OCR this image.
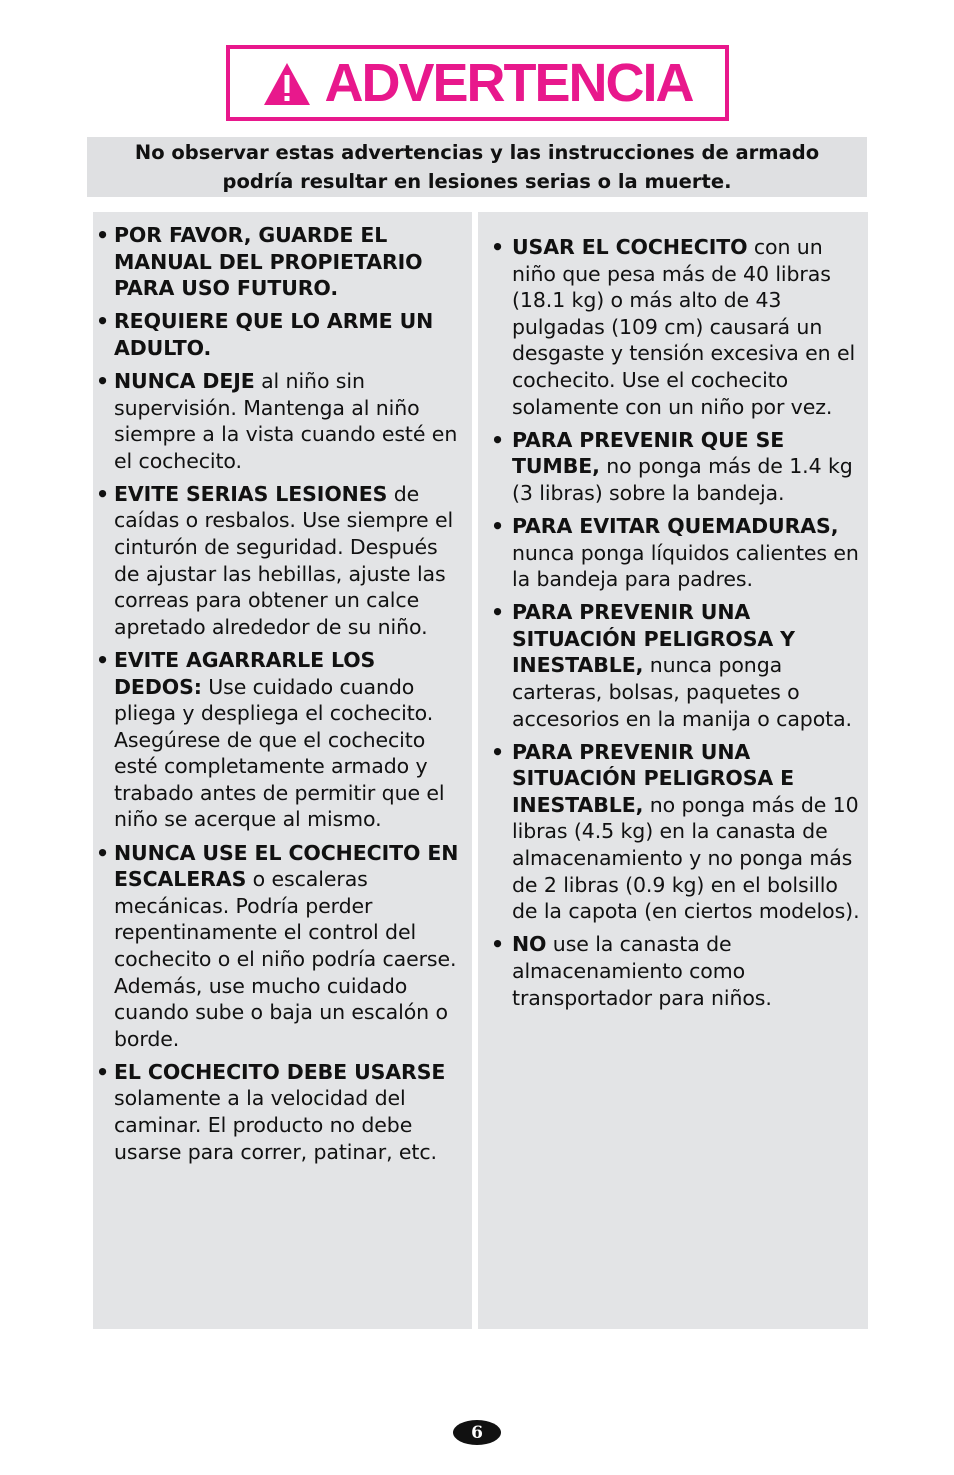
ADVERTENCIA
No observar estas advertencias y las instrucciones de armado
podría resultar en lesiones serias o la muerte.
• POR FAVOR, GUARDE EL MANUAL DEL PROPIETARIO PARA USO FUTURO.
• REQUIERE QUE LO ARME UN ADULTO.
• NUNCA DEJE al niño sin supervisión. Mantenga al niño siempre a la vista cuando esté en el cochecito.
• EVITE SERIAS LESIONES de caídas o resbalos. Use siempre el cinturón de seguridad. Después de ajustar las hebillas, ajuste las correas para obtener un calce apretado alrededor de su niño.
• EVITE AGARRARLE LOS DEDOS: Use cuidado cuando pliega y despliega el cochecito. Asegúrese de que el cochecito esté completamente armado y trabado antes de permitir que el niño se acerque al mismo.
• NUNCA USE EL COCHECITO EN ESCALERAS o escaleras mecánicas. Podría perder repentinamente el control del cochecito o el niño podría caerse. Además, use mucho cuidado cuando sube o baja un escalón o borde.
• EL COCHECITO DEBE USARSE solamente a la velocidad del caminar. El producto no debe usarse para correr, patinar, etc.
• USAR EL COCHECITO con un niño que pesa más de 40 libras (18.1 kg) o más alto de 43 pulgadas (109 cm) causará un desgaste y tensión excesiva en el cochecito. Use el cochecito solamente con un niño por vez.
• PARA PREVENIR QUE SE TUMBE, no ponga más de 1.4 kg (3 libras) sobre la bandeja.
• PARA EVITAR QUEMADURAS, nunca ponga líquidos calientes en la bandeja para padres.
• PARA PREVENIR UNA SITUACIÓN PELIGROSA Y INESTABLE, nunca ponga carteras, bolsas, paquetes o accesorios en la manija o capota.
• PARA PREVENIR UNA SITUACIÓN PELIGROSA E INESTABLE, no ponga más de 10 libras (4.5 kg) en la canasta de almacenamiento y no ponga más de 2 libras (0.9 kg) en el bolsillo de la capota (en ciertos modelos).
• NO use la canasta de almacenamiento como transportador para niños.
6
